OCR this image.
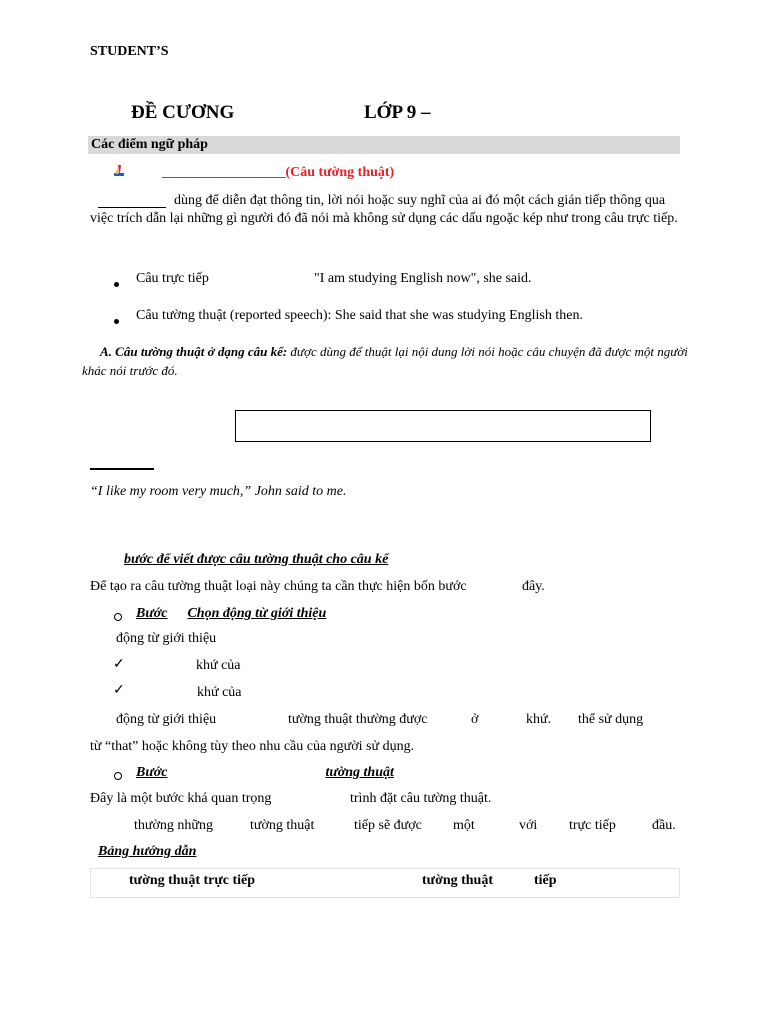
STUDENT’S
ĐỀ CƯƠNG	LỚP 9 –
Các điểm ngữ pháp
___________________(Câu tường thuật)
dùng để diễn đạt thông tin, lời nói hoặc suy nghĩ của ai đó một cách gián tiếp thông qua
việc trích dẫn lại những gì người đó đã nói mà không sử dụng các dấu ngoặc kép như trong câu trực tiếp.
Câu trực tiếp	"I am studying English now", she said.
Câu tường thuật (reported speech): She said that she was studying English then.
A. Câu tường thuật ở dạng câu kể: được dùng để thuật lại nội dung lời nói hoặc câu chuyện đã được một người
khác nói trước đó.
“I like my room very much,” John said to me.
bước để viết được câu tường thuật cho câu kể
Để tạo ra câu tường thuật loại này chúng ta cần thực hiện bốn bước	đây.
Bước Chọn động từ giới thiệu
động từ giới thiệu
✓	khứ của
✓	khứ của
động từ giới thiệu	tường thuật thường được	ở	khứ. thể sử dụng
từ “that” hoặc không tùy theo nhu cầu của người sử dụng.
Bước	tường thuật
Đây là một bước khá quan trọng	trình đặt câu tường thuật.
thường những	tường thuật	tiếp sẽ được một	với trực tiếp	đầu.
Bảng hướng dẫn
tường thuật trực tiếp	tường thuật	tiếp
